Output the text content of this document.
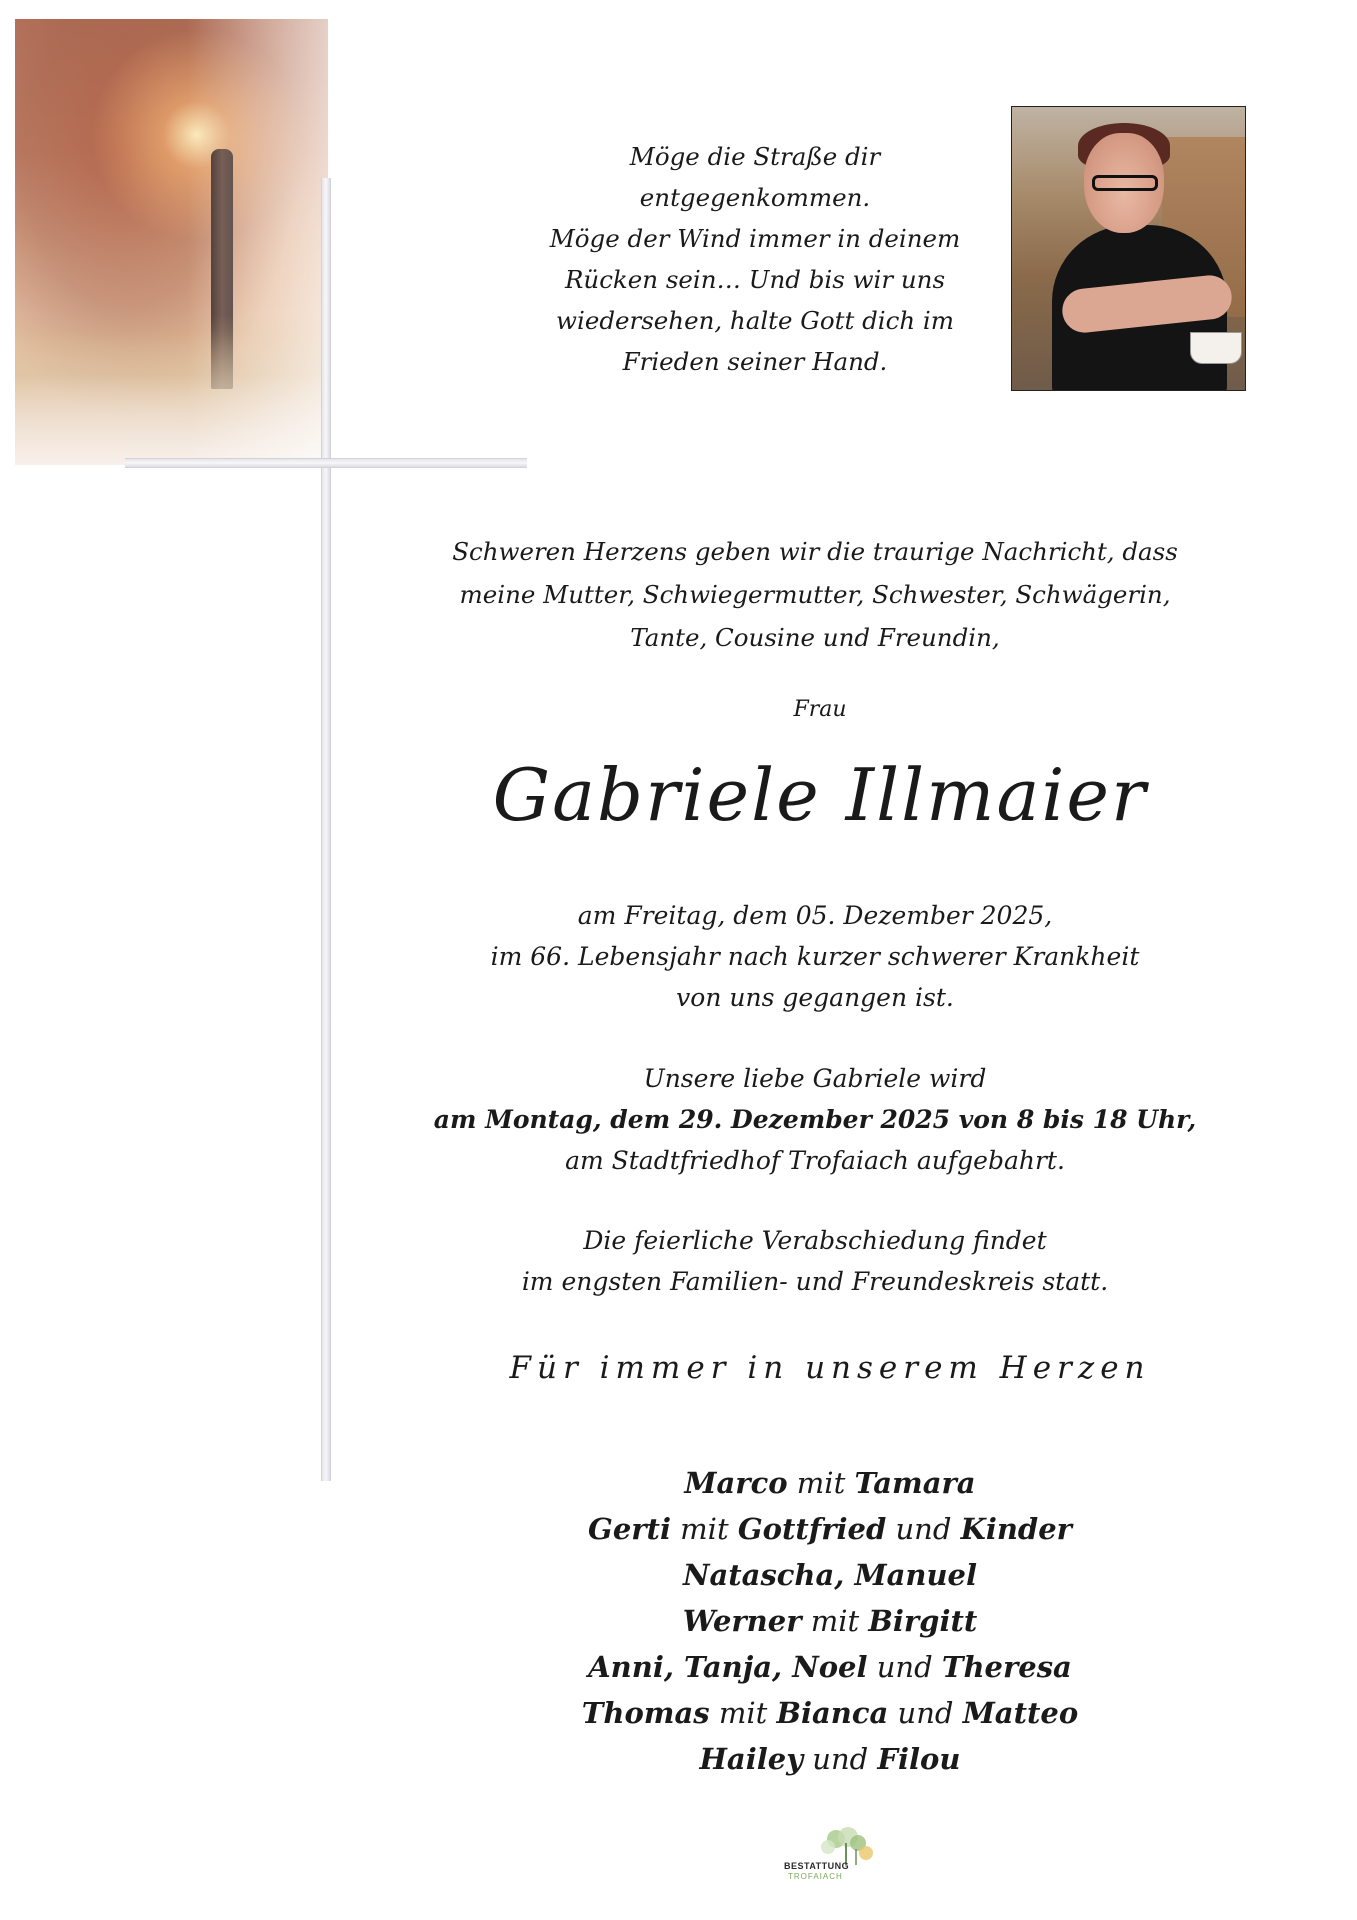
Möge die Straße dir
entgegenkommen.
Möge der Wind immer in deinem
Rücken sein… Und bis wir uns
wiedersehen, halte Gott dich im
Frieden seiner Hand.
Schweren Herzens geben wir die traurige Nachricht, dass
meine Mutter, Schwiegermutter, Schwester, Schwägerin,
Tante, Cousine und Freundin,
Frau
Gabriele Illmaier
am Freitag, dem 05. Dezember 2025,
im 66. Lebensjahr nach kurzer schwerer Krankheit
von uns gegangen ist.
Unsere liebe Gabriele wird
am Montag, dem 29. Dezember 2025 von 8 bis 18 Uhr,
am Stadtfriedhof Trofaiach aufgebahrt.
Die feierliche Verabschiedung findet
im engsten Familien- und Freundeskreis statt.
Für immer in unserem Herzen
Marco mit Tamara
Gerti mit Gottfried und Kinder
Natascha, Manuel
Werner mit Birgitt
Anni, Tanja, Noel und Theresa
Thomas mit Bianca und Matteo
Hailey und Filou
BESTATTUNG
TROFAIACH
